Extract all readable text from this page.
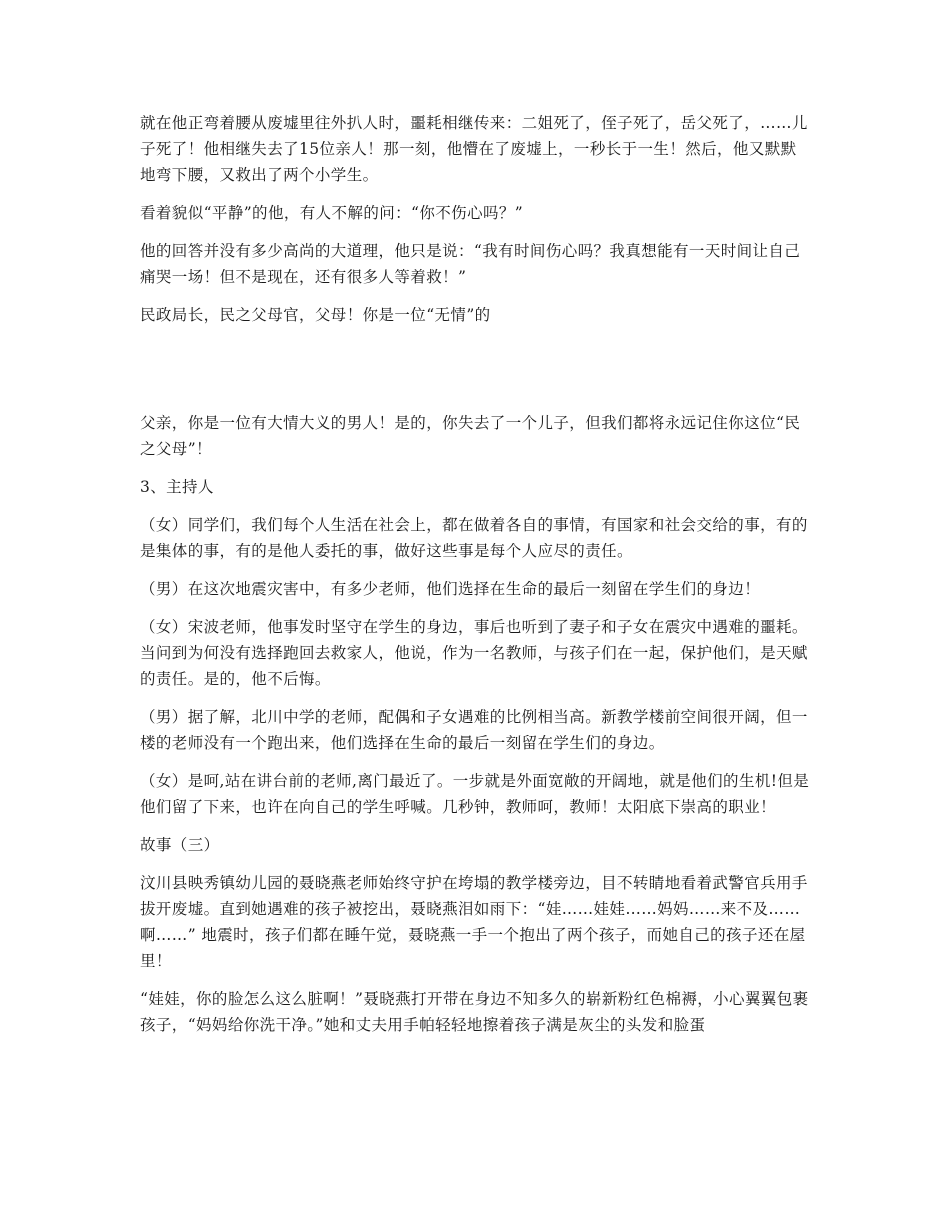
就在他正弯着腰从废墟里往外扒人时，噩耗相继传来：二姐死了，侄子死了，岳父死了，……儿子死了！他相继失去了15位亲人！那一刻，他懵在了废墟上，一秒长于一生！然后，他又默默地弯下腰，又救出了两个小学生。

看着貌似“平静”的他，有人不解的问：“你不伤心吗？”

他的回答并没有多少高尚的大道理，他只是说：“我有时间伤心吗？我真想能有一天时间让自己痛哭一场！但不是现在，还有很多人等着救！”

民政局长，民之父母官，父母！你是一位“无情”的

父亲，你是一位有大情大义的男人！是的，你失去了一个儿子，但我们都将永远记住你这位“民之父母”！

3、主持人

（女）同学们，我们每个人生活在社会上，都在做着各自的事情，有国家和社会交给的事，有的是集体的事，有的是他人委托的事，做好这些事是每个人应尽的责任。

（男）在这次地震灾害中，有多少老师，他们选择在生命的最后一刻留在学生们的身边！

（女）宋波老师，他事发时坚守在学生的身边，事后也听到了妻子和子女在震灾中遇难的噩耗。当问到为何没有选择跑回去救家人，他说，作为一名教师，与孩子们在一起，保护他们，是天赋的责任。是的，他不后悔。

（男）据了解，北川中学的老师，配偶和子女遇难的比例相当高。新教学楼前空间很开阔，但一楼的老师没有一个跑出来，他们选择在生命的最后一刻留在学生们的身边。

（女）是呵,站在讲台前的老师,离门最近了。一步就是外面宽敞的开阔地，就是他们的生机!但是他们留了下来，也许在向自己的学生呼喊。几秒钟，教师呵，教师！太阳底下崇高的职业！

故事（三）

汶川县映秀镇幼儿园的聂晓燕老师始终守护在垮塌的教学楼旁边，目不转睛地看着武警官兵用手拔开废墟。直到她遇难的孩子被挖出，聂晓燕泪如雨下：“娃……娃娃……妈妈……来不及……啊……” 地震时，孩子们都在睡午觉，聂晓燕一手一个抱出了两个孩子，而她自己的孩子还在屋里！

“娃娃，你的脸怎么这么脏啊！”聂晓燕打开带在身边不知多久的崭新粉红色棉褥，小心翼翼包裹孩子，“妈妈给你洗干净。”她和丈夫用手帕轻轻地擦着孩子满是灰尘的头发和脸蛋
